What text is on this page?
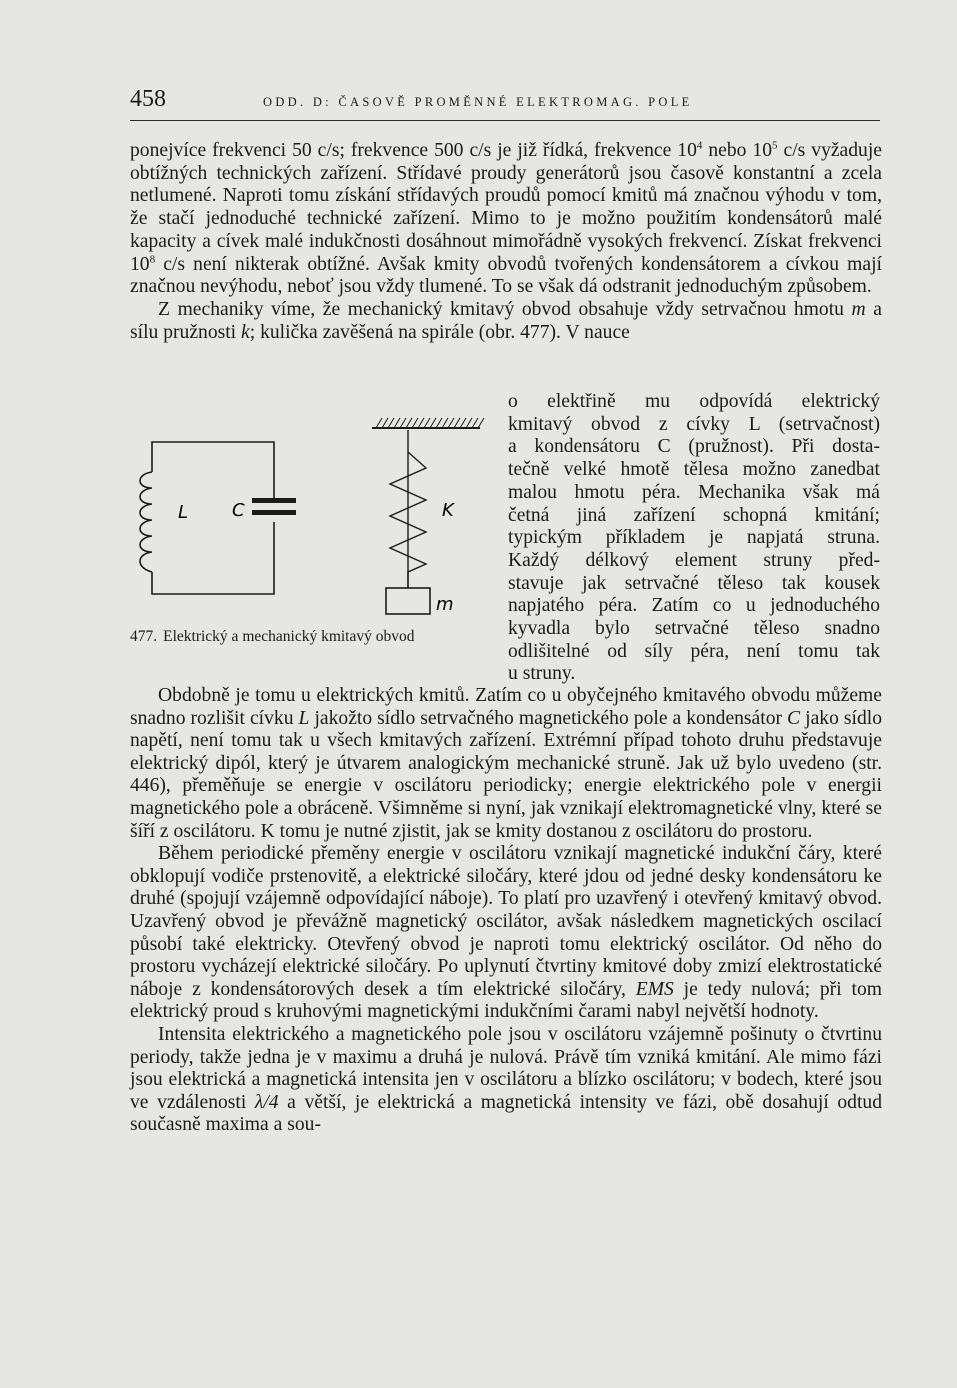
458	ODD. D: ČASOVĚ PROMĚNNÉ ELEKTROMAG. POLE

ponejvíce frekvenci 50 c/s; frekvence 500 c/s je již řídká, frekvence $10^4$ nebo $10^5$ c/s vyžaduje obtížných technických zařízení. Střídavé proudy generátorů jsou časově konstantní a zcela netlumené. Naproti tomu získání střídavých proudů pomocí kmitů má značnou výhodu v tom, že stačí jednoduché technické zařízení. Mimo to je možno použitím kondensátorů malé kapacity a cívek malé indukčnosti dosáhnout mimořádně vysokých frekvencí. Získat frekvenci $10^8$ c/s není nikterak obtížné. Avšak kmity obvodů tvořených kondensátorem a cívkou mají značnou nevýhodu, neboť jsou vždy tlumené. To se však dá odstranit jednoduchým způsobem.

Z mechaniky víme, že mechanický kmitavý obvod obsahuje vždy setrvačnou hmotu m a sílu pružnosti k; kulička zavěšená na spirále (obr. 477). V nauce

o elektřině mu odpovídá elektrický
kmitavý obvod z cívky L (setrvačnost)
a kondensátoru C (pružnost). Při dosta-
tečně velké hmotě tělesa možno zanedbat
malou hmotu péra. Mechanika však má
četná jiná zařízení schopná kmitání;
typickým příkladem je napjatá struna.
Každý délkový element struny před-
stavuje jak setrvačné těleso tak kousek
napjatého péra. Zatím co u jednoduchého
kyvadla bylo setrvačné těleso snadno
odlišitelné od síly péra, není tomu tak
u struny.
L C	K
m
477. Elektrický a mechanický kmitavý obvod

Obdobně je tomu u elektrických kmitů. Zatím co u obyčejného kmitavého obvodu můžeme snadno rozlišit cívku L jakožto sídlo setrvačného magnetického pole a kondensátor C jako sídlo napětí, není tomu tak u všech kmitavých zařízení. Extrémní případ tohoto druhu představuje elektrický dipól, který je útvarem analogickým mechanické struně. Jak už bylo uvedeno (str. 446), přeměňuje se energie v oscilátoru periodicky; energie elektrického pole v energii magnetického pole a obráceně. Všimněme si nyní, jak vznikají elektromagnetické vlny, které se šíří z oscilátoru. K tomu je nutné zjistit, jak se kmity dostanou z oscilátoru do prostoru.

Během periodické přeměny energie v oscilátoru vznikají magnetické indukční čáry, které obklopují vodiče prstenovitě, a elektrické siločáry, které jdou od jedné desky kondensátoru ke druhé (spojují vzájemně odpovídající náboje). To platí pro uzavřený i otevřený kmitavý obvod. Uzavřený obvod je převážně magnetický oscilátor, avšak následkem magnetických oscilací působí také elektricky. Otevřený obvod je naproti tomu elektrický oscilátor. Od něho do prostoru vycházejí elektrické siločáry. Po uplynutí čtvrtiny kmitové doby zmizí elektrostatické náboje z kondensátorových desek a tím elektrické siločáry, EMS je tedy nulová; při tom elektrický proud s kruhovými magnetickými indukčními čarami nabyl největší hodnoty.

Intensita elektrického a magnetického pole jsou v oscilátoru vzájemně pošinuty o čtvrtinu periody, takže jedna je v maximu a druhá je nulová. Právě tím vzniká kmitání. Ale mimo fázi jsou elektrická a magnetická intensita jen v oscilátoru a blízko oscilátoru; v bodech, které jsou ve vzdálenosti λ/4 a větší, je elektrická a magnetická intensity ve fázi, obě dosahují odtud současně maxima a sou-
